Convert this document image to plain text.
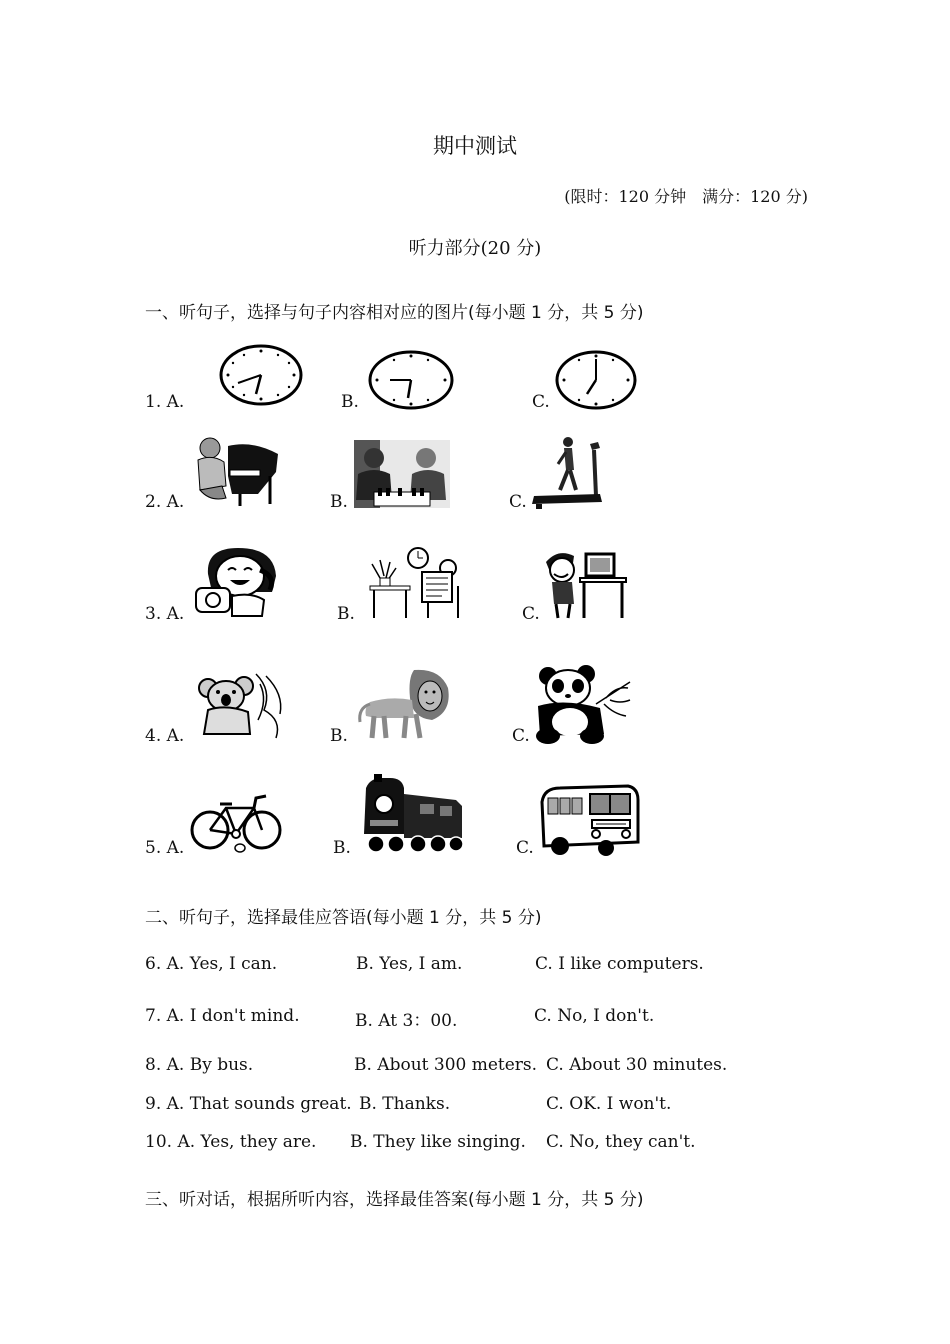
期中测试
(限时：120 分钟　满分：120 分)
听力部分(20 分)
一、听句子，选择与句子内容相对应的图片(每小题 1 分，共 5 分)
1. A.	B.	C.
2. A.	B.	C.
3. A.	B.	C.
4. A.	B.	C.
5. A.	B.	C.
二、听句子，选择最佳应答语(每小题 1 分，共 5 分)
6. A. Yes, I can.	B. Yes, I am.	C. I like computers.
7. A. I don't mind.	B. At 3：00.	C. No, I don't.
8. A. By bus.	B. About 300 meters. C. About 30 minutes.
9. A. That sounds great. B. Thanks.	C. OK. I won't.
10. A. Yes, they are. B. They like singing. C. No, they can't.
三、听对话，根据所听内容，选择最佳答案(每小题 1 分，共 5 分)
